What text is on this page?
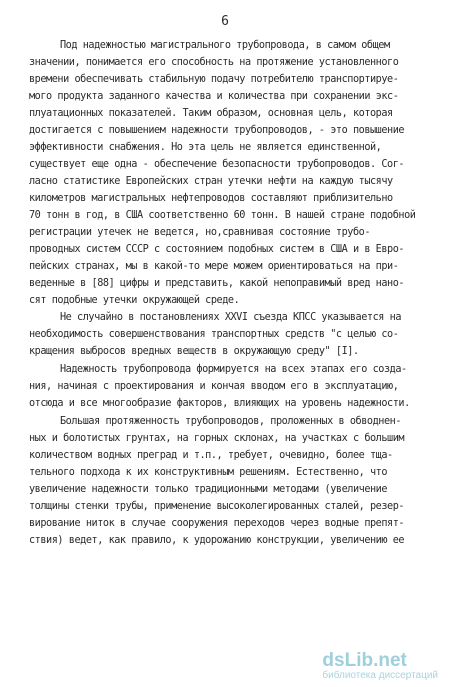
6
Под надежностью магистрального трубопровода, в самом общем
значении, понимается его способность на протяжение установленного
времени обеспечивать стабильную подачу потребителю транспортируе-
мого продукта заданного качества и количества при сохранении экс-
плуатационных показателей. Таким образом, основная цель, которая
достигается с повышением надежности трубопроводов, - это повышение
эффективности снабжения. Но эта цель не является единственной,
существует еще одна - обеспечение безопасности трубопроводов. Сог-
ласно статистике Европейских стран утечки нефти на каждую тысячу
километров магистральных нефтепроводов составляют приблизительно
70 тонн в год, в США соответственно 60 тонн. В нашей стране подобной
регистрации утечек не ведется, но,сравнивая состояние трубо-
проводных систем СССР с состоянием подобных систем в США и в Евро-
пейских странах, мы в какой-то мере можем ориентироваться на при-
веденные в [88] цифры и представить, какой непоправимый вред нано-
сят подобные утечки окружающей среде.
Не случайно в постановлениях XXVI съезда КПСС указывается на
необходимость совершенствования транспортных средств "с целью со-
кращения выбросов вредных веществ в окружающую среду" [I].
Надежность трубопровода формируется на всех этапах его созда-
ния, начиная с проектирования и кончая вводом его в эксплуатацию,
отсюда и все многообразие факторов, влияющих на уровень надежности.
Большая протяженность трубопроводов, проложенных в обводнен-
ных и болотистых грунтах, на горных склонах, на участках с большим
количеством водных преград и т.п., требует, очевидно, более тща-
тельного подхода к их конструктивным решениям. Естественно, что
увеличение надежности только традиционными методами (увеличение
толщины стенки трубы, применение высоколегированных сталей, резер-
вирование ниток в случае сооружения переходов через водные препят-
ствия) ведет, как правило, к удорожанию конструкции, увеличению ее
dsLib.net
библиотека диссертаций
